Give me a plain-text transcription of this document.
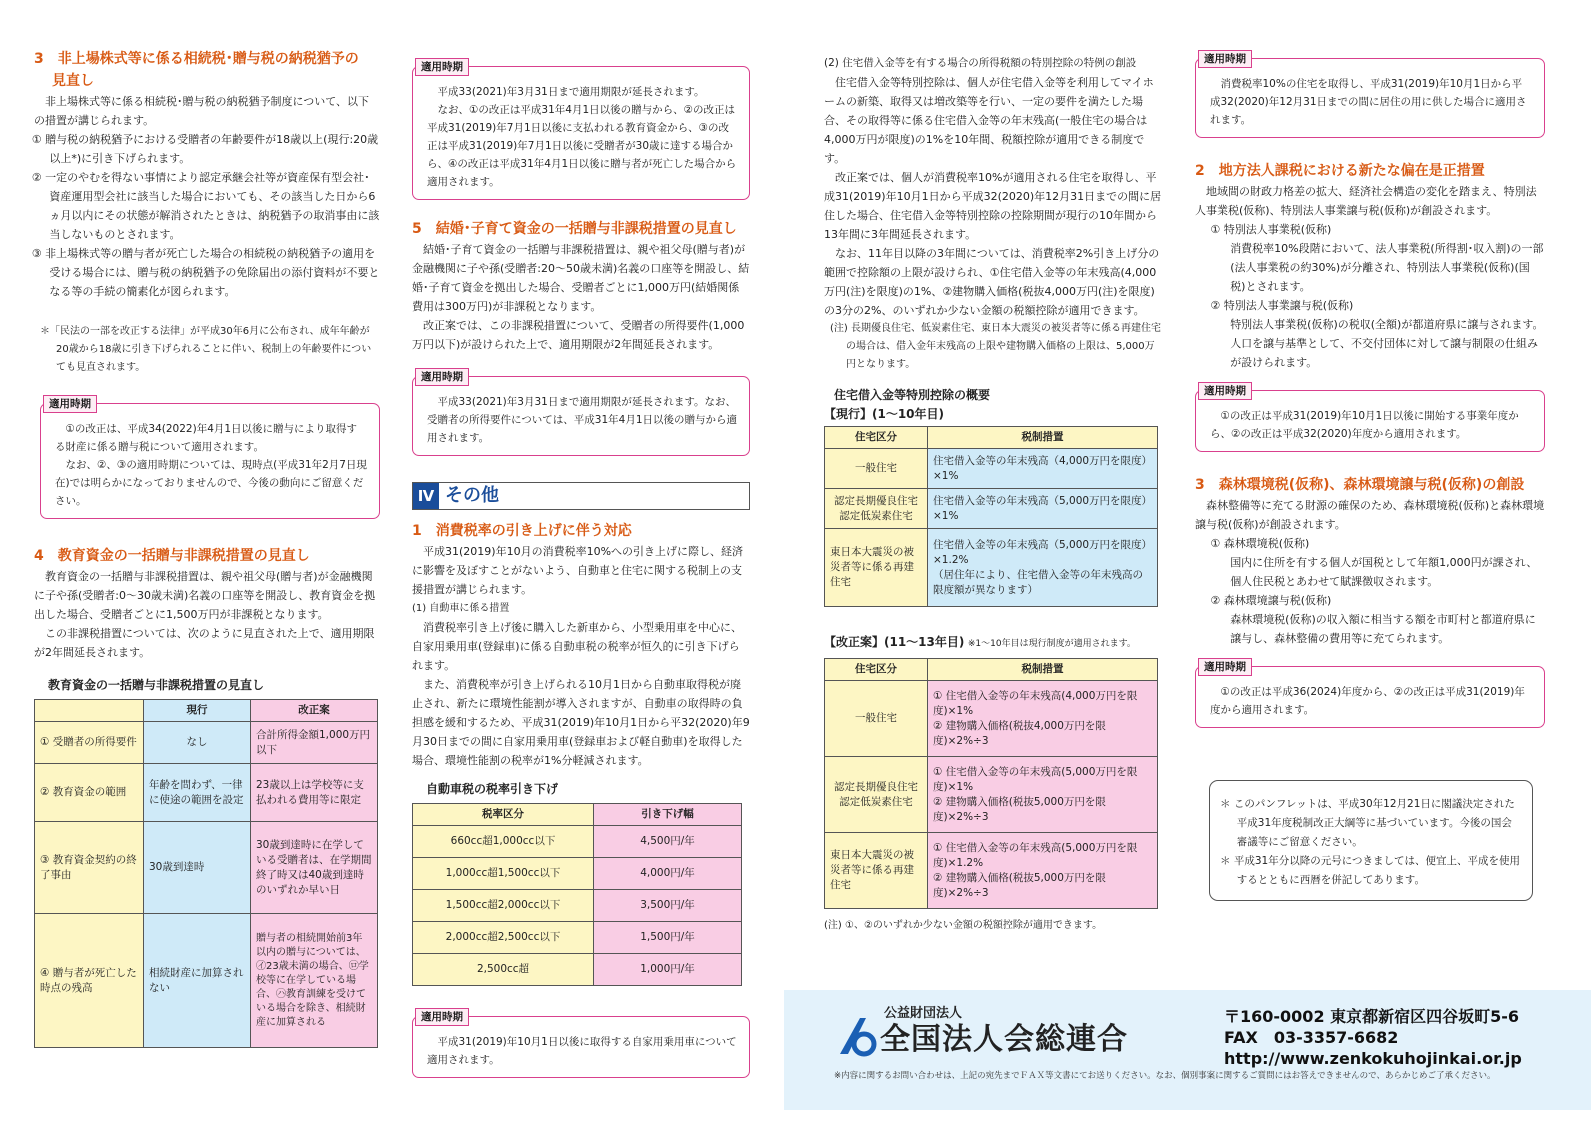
3　非上場株式等に係る相続税･贈与税の納税猶予の
見直し

非上場株式等に係る相続税･贈与税の納税猶予制度について、以下の措置が講じられます。

① 贈与税の納税猶予における受贈者の年齢要件が18歳以上(現行:20歳以上*)に引き下げられます。

② 一定のやむを得ない事情により認定承継会社等が資産保有型会社･資産運用型会社に該当した場合においても、その該当した日から6ヵ月以内にその状態が解消されたときは、納税猶予の取消事由に該当しないものとされます。

③ 非上場株式等の贈与者が死亡した場合の相続税の納税猶予の適用を受ける場合には、贈与税の納税猶予の免除届出の添付資料が不要となる等の手続の簡素化が図られます。

＊「民法の一部を改正する法律」が平成30年6月に公布され、成年年齢が20歳から18歳に引き下げられることに伴い、税制上の年齢要件についても見直されます。

適用時期

①の改正は、平成34(2022)年4月1日以後に贈与により取得する財産に係る贈与税について適用されます。

なお、②、③の適用時期については、現時点(平成31年2月7日現在)では明らかになっておりませんので、今後の動向にご留意ください。

4　教育資金の一括贈与非課税措置の見直し

教育資金の一括贈与非課税措置は、親や祖父母(贈与者)が金融機関に子や孫(受贈者:0～30歳未満)名義の口座等を開設し、教育資金を拠出した場合、受贈者ごとに1,500万円が非課税となります。

この非課税措置については、次のように見直された上で、適用期限が2年間延長されます。

教育資金の一括贈与非課税措置の見直し
	現行	改正案
① 受贈者の所得要件	なし	合計所得金額1,000万円以下
② 教育資金の範囲	年齢を問わず、一律に使途の範囲を設定	23歳以上は学校等に支払われる費用等に限定
③ 教育資金契約の終了事由	30歳到達時	30歳到達時に在学している受贈者は、在学期間終了時又は40歳到達時のいずれか早い日
④ 贈与者が死亡した時点の残高	相続財産に加算されない	贈与者の相続開始前3年以内の贈与については、㋑23歳未満の場合、㋺学校等に在学している場合、㋩教育訓練を受けている場合を除き、相続財産に加算される
適用時期

平成33(2021)年3月31日まで適用期限が延長されます。

なお、①の改正は平成31年4月1日以後の贈与から、②の改正は平成31(2019)年7月1日以後に支払われる教育資金から、③の改正は平成31(2019)年7月1日以後に受贈者が30歳に達する場合から、④の改正は平成31年4月1日以後に贈与者が死亡した場合から適用されます。

5　結婚･子育て資金の一括贈与非課税措置の見直し

結婚･子育て資金の一括贈与非課税措置は、親や祖父母(贈与者)が金融機関に子や孫(受贈者:20～50歳未満)名義の口座等を開設し、結婚･子育て資金を拠出した場合、受贈者ごとに1,000万円(結婚関係費用は300万円)が非課税となります。

改正案では、この非課税措置について、受贈者の所得要件(1,000万円以下)が設けられた上で、適用期限が2年間延長されます。

適用時期

平成33(2021)年3月31日まで適用期限が延長されます。なお、受贈者の所得要件については、平成31年4月1日以後の贈与から適用されます。

Ⅳ その他
1　消費税率の引き上げに伴う対応

平成31(2019)年10月の消費税率10%への引き上げに際し、経済に影響を及ぼすことがないよう、自動車と住宅に関する税制上の支援措置が講じられます。

(1) 自動車に係る措置

消費税率引き上げ後に購入した新車から、小型乗用車を中心に、自家用乗用車(登録車)に係る自動車税の税率が恒久的に引き下げられます。

また、消費税率が引き上げられる10月1日から自動車取得税が廃止され、新たに環境性能割が導入されますが、自動車の取得時の負担感を緩和するため、平成31(2019)年10月1日から平32(2020)年9月30日までの間に自家用乗用車(登録車および軽自動車)を取得した場合、環境性能割の税率が1%分軽減されます。

自動車税の税率引き下げ
税率区分	引き下げ幅
660cc超1,000cc以下	4,500円/年
1,000cc超1,500cc以下	4,000円/年
1,500cc超2,000cc以下	3,500円/年
2,000cc超2,500cc以下	1,500円/年
2,500cc超	1,000円/年
適用時期

平成31(2019)年10月1日以後に取得する自家用乗用車について適用されます。

(2) 住宅借入金等を有する場合の所得税額の特別控除の特例の創設

住宅借入金等特別控除は、個人が住宅借入金等を利用してマイホームの新築、取得又は増改築等を行い、一定の要件を満たした場合、その取得等に係る住宅借入金等の年末残高(一般住宅の場合は4,000万円が限度)の1%を10年間、税額控除が適用できる制度です。

改正案では、個人が消費税率10%が適用される住宅を取得し、平成31(2019)年10月1日から平成32(2020)年12月31日までの間に居住した場合、住宅借入金等特別控除の控除期間が現行の10年間から13年間に3年間延長されます。

なお、11年目以降の3年間については、消費税率2%引き上げ分の範囲で控除額の上限が設けられ、①住宅借入金等の年末残高(4,000万円(注)を限度)の1%、②建物購入価格(税抜4,000万円(注)を限度)の3分の2%、のいずれか少ない金額の税額控除が適用できます。

(注) 長期優良住宅、低炭素住宅、東日本大震災の被災者等に係る再建住宅の場合は、借入金年末残高の上限や建物購入価格の上限は、5,000万円となります。

住宅借入金等特別控除の概要
【現行】(1～10年目)
住宅区分	税制措置
一般住宅	住宅借入金等の年末残高（4,000万円を限度）×1%
認定長期優良住宅
認定低炭素住宅	住宅借入金等の年末残高（5,000万円を限度）×1%
東日本大震災の被災者等に係る再建住宅	住宅借入金等の年末残高（5,000万円を限度）×1.2%
（居住年により、住宅借入金等の年末残高の限度額が異なります）
【改正案】(11～13年目) ※1～10年目は現行制度が適用されます。
住宅区分	税制措置
一般住宅	① 住宅借入金等の年末残高(4,000万円を限度)×1%
② 建物購入価格(税抜4,000万円を限度)×2%÷3
認定長期優良住宅
認定低炭素住宅	① 住宅借入金等の年末残高(5,000万円を限度)×1%
② 建物購入価格(税抜5,000万円を限度)×2%÷3
東日本大震災の被災者等に係る再建住宅	① 住宅借入金等の年末残高(5,000万円を限度)×1.2%
② 建物購入価格(税抜5,000万円を限度)×2%÷3

(注) ①、②のいずれか少ない金額の税額控除が適用できます。

適用時期

消費税率10%の住宅を取得し、平成31(2019)年10月1日から平成32(2020)年12月31日までの間に居住の用に供した場合に適用されます。

2　地方法人課税における新たな偏在是正措置

地域間の財政力格差の拡大、経済社会構造の変化を踏まえ、特別法人事業税(仮称)、特別法人事業譲与税(仮称)が創設されます。

① 特別法人事業税(仮称)

消費税率10%段階において、法人事業税(所得割･収入割)の一部(法人事業税の約30%)が分離され、特別法人事業税(仮称)(国税)とされます。

② 特別法人事業譲与税(仮称)

特別法人事業税(仮称)の税収(全額)が都道府県に譲与されます。人口を譲与基準として、不交付団体に対して譲与制限の仕組みが設けられます。

適用時期

①の改正は平成31(2019)年10月1日以後に開始する事業年度から、②の改正は平成32(2020)年度から適用されます。

3　森林環境税(仮称)、森林環境譲与税(仮称)の創設

森林整備等に充てる財源の確保のため、森林環境税(仮称)と森林環境譲与税(仮称)が創設されます。

① 森林環境税(仮称)

国内に住所を有する個人が国税として年額1,000円が課され、個人住民税とあわせて賦課徴収されます。

② 森林環境譲与税(仮称)

森林環境税(仮称)の収入額に相当する額を市町村と都道府県に譲与し、森林整備の費用等に充てられます。

適用時期

①の改正は平成36(2024)年度から、②の改正は平成31(2019)年度から適用されます。

＊ このパンフレットは、平成30年12月21日に閣議決定された平成31年度税制改正大綱等に基づいています。今後の国会審議等にご留意ください。

＊ 平成31年分以降の元号につきましては、便宜上、平成を使用するとともに西暦を併記してあります。

公益財団法人
全国法人会総連合
〒160-0002 東京都新宿区四谷坂町5-6
FAX　03-3357-6682
http://www.zenkokuhojinkai.or.jp
※内容に関するお問い合わせは、上記の宛先までＦＡＸ等文書にてお送りください。なお、個別事案に関するご質問にはお答えできませんので、あらかじめご了承ください。
